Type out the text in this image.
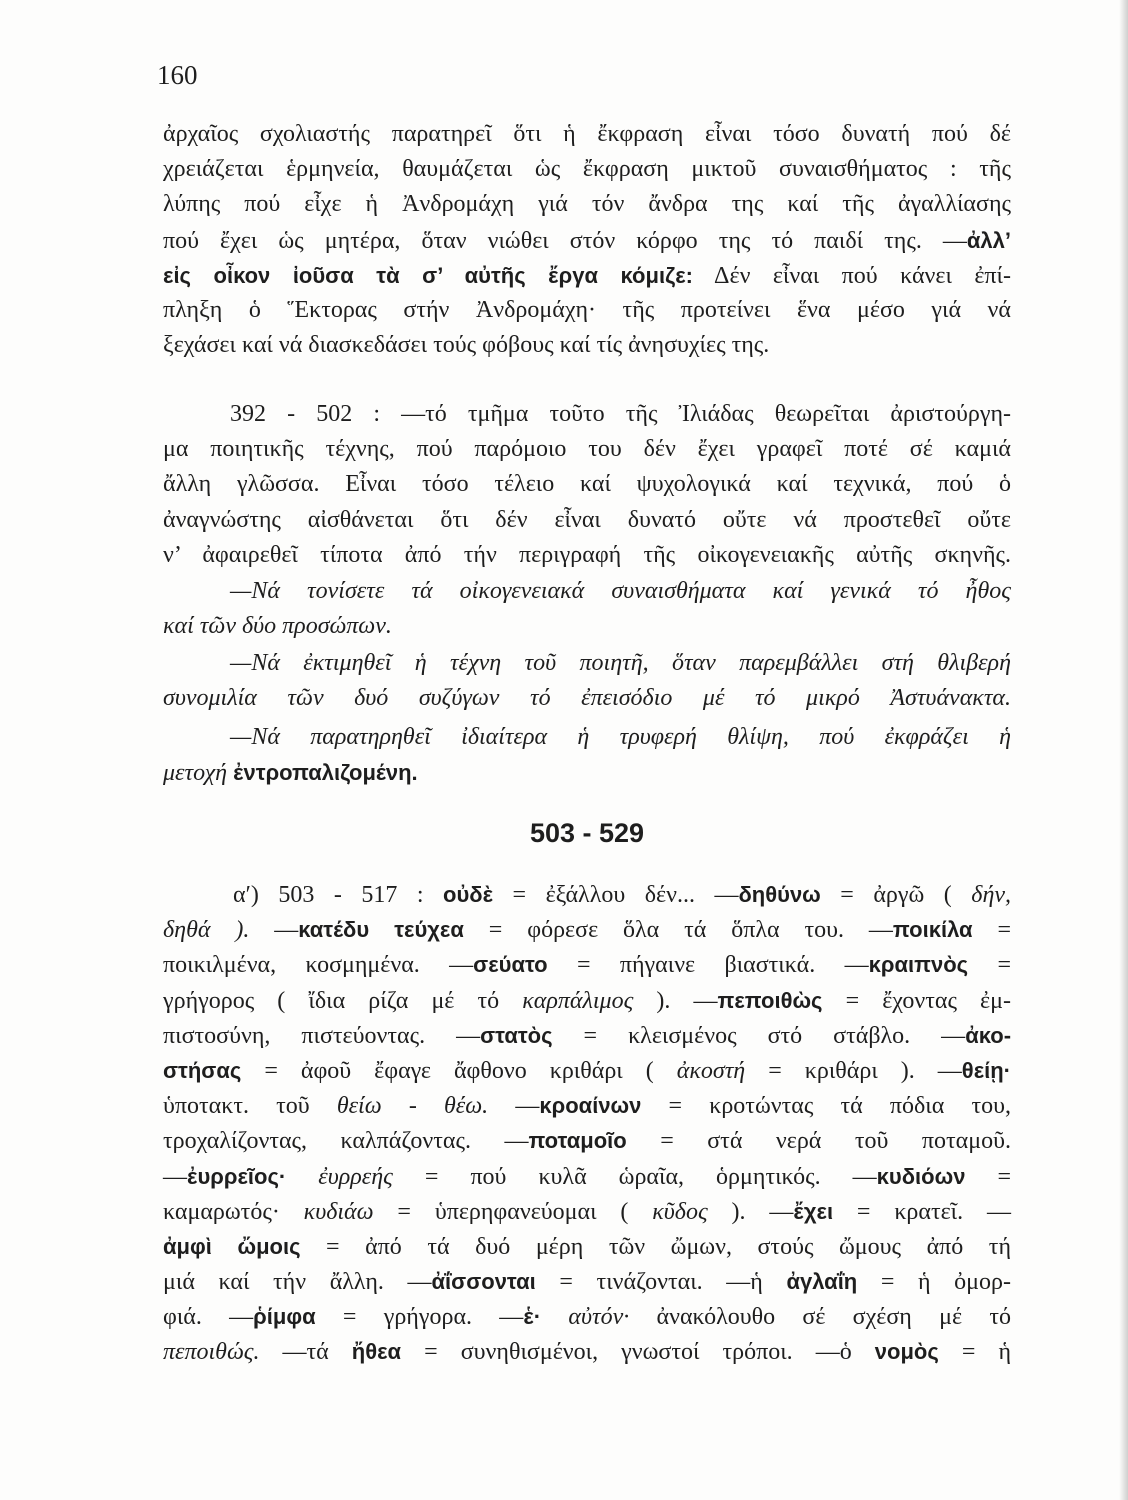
160
ἀρχαῖος σχολιαστής παρατηρεῖ ὅτι ἡ ἔκφραση εἶναι τόσο δυνατή πού δέ
χρειάζεται ἑρμηνεία, θαυμάζεται ὡς ἔκφραση μικτοῦ συναισθήματος : τῆς
λύπης πού εἶχε ἡ Ἀνδρομάχη γιά τόν ἄνδρα της καί τῆς ἀγαλλίασης
πού ἔχει ὡς μητέρα, ὅταν νιώθει στόν κόρφο της τό παιδί της. —ἀλλ’
εἰς οἶκον ἰοῦσα τὰ σ’ αὐτῆς ἔργα κόμιζε: Δέν εἶναι πού κάνει ἐπί-
πληξη ὁ Ἕκτορας στήν Ἀνδρομάχη· τῆς προτείνει ἕνα μέσο γιά νά
ξεχάσει καί νά διασκεδάσει τούς φόβους καί τίς ἀνησυχίες της.
392 - 502 : —τό τμῆμα τοῦτο τῆς Ἰλιάδας θεωρεῖται ἀριστούργη-
μα ποιητικῆς τέχνης, πού παρόμοιο του δέν ἔχει γραφεῖ ποτέ σέ καμιά
ἄλλη γλῶσσα. Εἶναι τόσο τέλειο καί ψυχολογικά καί τεχνικά, πού ὁ
ἀναγνώστης αἰσθάνεται ὅτι δέν εἶναι δυνατό οὔτε νά προστεθεῖ οὔτε
ν’ ἀφαιρεθεῖ τίποτα ἀπό τήν περιγραφή τῆς οἰκογενειακῆς αὐτῆς σκηνῆς.
—Νά τονίσετε τά οἰκογενειακά συναισθήματα καί γενικά τό ἦθος
καί τῶν δύο προσώπων.
—Νά ἐκτιμηθεῖ ἡ τέχνη τοῦ ποιητῆ, ὅταν παρεμβάλλει στή θλιβερή
συνομιλία τῶν δυό συζύγων τό ἐπεισόδιο μέ τό μικρό Ἀστυάνακτα.
—Νά παρατηρηθεῖ ἰδιαίτερα ἡ τρυφερή θλίψη, πού ἐκφράζει ἡ
μετοχή ἐντροπαλιζομένη.
503 - 529
α′) 503 - 517 : οὐδὲ = ἐξάλλου δέν... —δηθύνω = ἀργῶ ( δήν,
δηθά ). —κατέδυ τεύχεα = φόρεσε ὅλα τά ὅπλα του. —ποικίλα =
ποικιλμένα, κοσμημένα. —σεύατο = πήγαινε βιαστικά. —κραιπνὸς =
γρήγορος ( ἴδια ρίζα μέ τό καρπάλιμος ). —πεποιθὼς = ἔχοντας ἐμ-
πιστοσύνη, πιστεύοντας. —στατὸς = κλεισμένος στό στάβλο. —ἀκο-
στήσας = ἀφοῦ ἔφαγε ἄφθονο κριθάρι ( ἀκοστή = κριθάρι ). —θείῃ·
ὑποτακτ. τοῦ θείω - θέω. —κροαίνων = κροτώντας τά πόδια του,
τροχαλίζοντας, καλπάζοντας. —ποταμοῖο = στά νερά τοῦ ποταμοῦ.
—ἐυρρεῖος· ἐυρρεής = πού κυλᾶ ὡραῖα, ὁρμητικός. —κυδιόων =
καμαρωτός· κυδιάω = ὑπερηφανεύομαι ( κῦδος ). —ἔχει = κρατεῖ. —
ἀμφὶ ὤμοις = ἀπό τά δυό μέρη τῶν ὤμων, στούς ὤμους ἀπό τή
μιά καί τήν ἄλλη. —ἀΐσσονται = τινάζονται. —ἡ ἀγλαΐη = ἡ ὀμορ-
φιά. —ῥίμφα = γρήγορα. —ἑ· αὐτόν· ἀνακόλουθο σέ σχέση μέ τό
πεποιθώς. —τά ἤθεα = συνηθισμένοι, γνωστοί τρόποι. —ὁ νομὸς = ἡ
